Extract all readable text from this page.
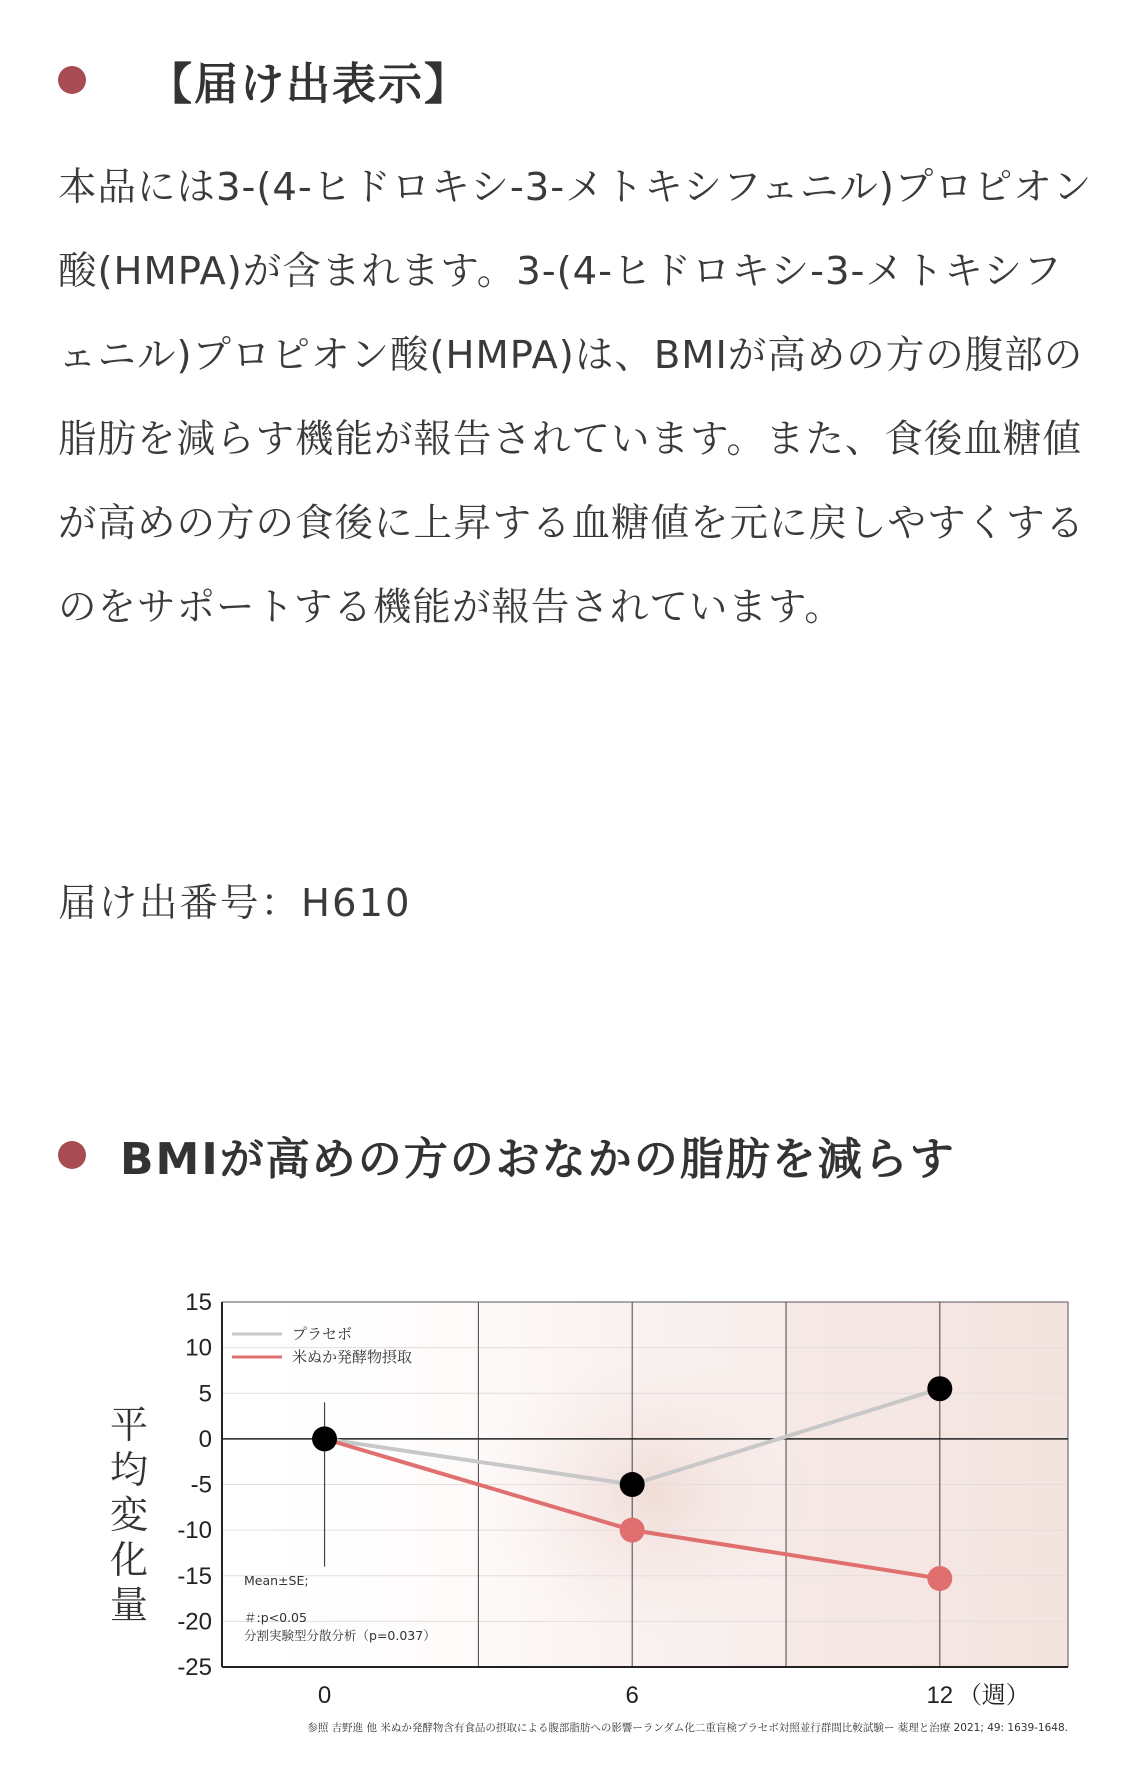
【届け出表示】

本品には3-(4-ヒドロキシ-3-メトキシフェニル)プロピオン酸(HMPA)が含まれます。3-(4-ヒドロキシ-3-メトキシフェニル)プロピオン酸(HMPA)は、BMIが高めの方の腹部の脂肪を減らす機能が報告されています。また、食後血糖値が高めの方の食後に上昇する血糖値を元に戻しやすくするのをサポートする機能が報告されています。

届け出番号：H610

BMIが高めの方のおなかの脂肪を減らす
平均変化量
15
10
5
0
-5
-10
-15
-20
-25
0	6	12 （週）
プラセボ
米ぬか発酵物摂取
Mean±SE;
＃:p<0.05
分割実験型分散分析（p=0.037）
参照 吉野進 他 米ぬか発酵物含有食品の摂取による腹部脂肪への影響ーランダム化二重盲検プラセボ対照並行群間比較試験ー 薬理と治療 2021; 49: 1639-1648.
